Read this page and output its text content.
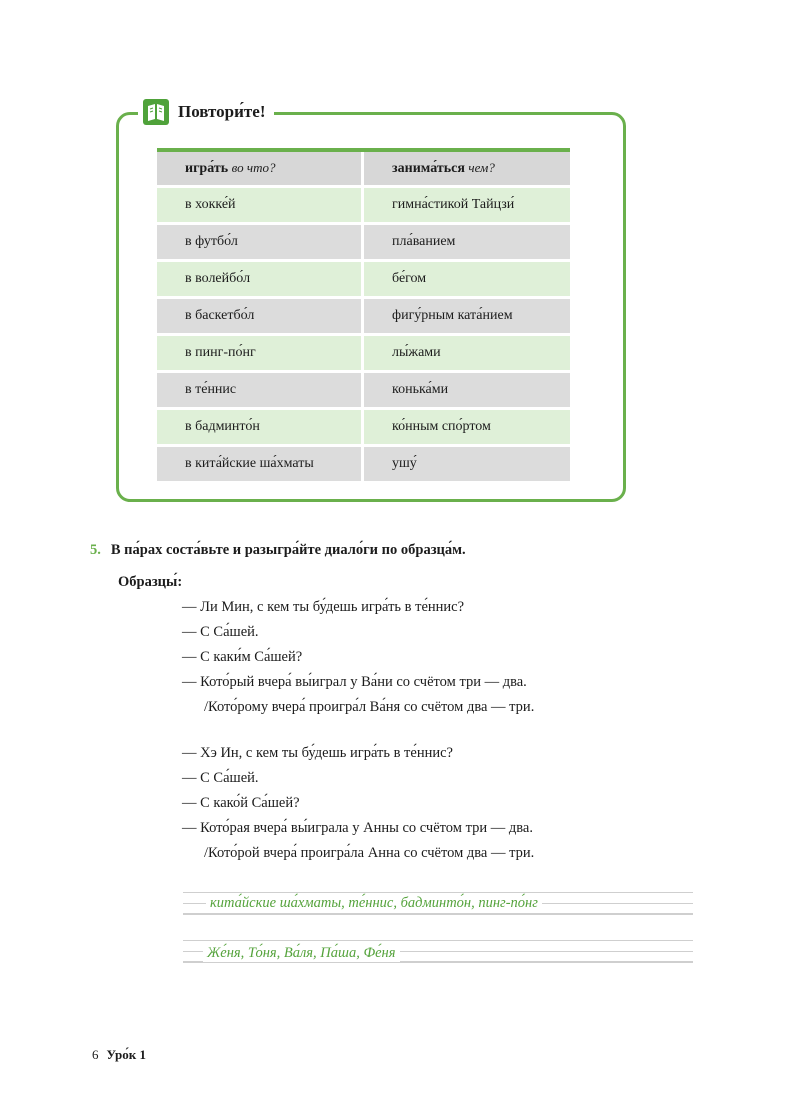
Повтори́те!
игра́ть во что?	занима́ться чем?
в хокке́й	гимна́стикой Тайцзи́
в футбо́л	пла́ванием
в волейбо́л	бе́гом
в баскетбо́л	фигу́рным ката́нием
в пинг-по́нг	лы́жами
в те́ннис	конька́ми
в бадминто́н	ко́нным спо́ртом
в кита́йские ша́хматы	ушу́
5. В па́рах соста́вьте и разыгра́йте диало́ги по образца́м.
Образцы́:
— Ли Мин, с кем ты бу́дешь игра́ть в те́ннис?
— С Са́шей.
— С каки́м Са́шей?
— Кото́рый вчера́ вы́играл у Ва́ни со счётом три — два.
/Кото́рому вчера́ проигра́л Ва́ня со счётом два — три.
— Хэ Ин, с кем ты бу́дешь игра́ть в те́ннис?
— С Са́шей.
— С како́й Са́шей?
— Кото́рая вчера́ вы́играла у Анны со счётом три — два.
/Кото́рой вчера́ проигра́ла Анна со счётом два — три.
кита́йские ша́хматы, те́ннис, бадминто́н, пинг-по́нг
Же́ня, То́ня, Ва́ля, Па́ша, Фе́ня
6 Уро́к 1
